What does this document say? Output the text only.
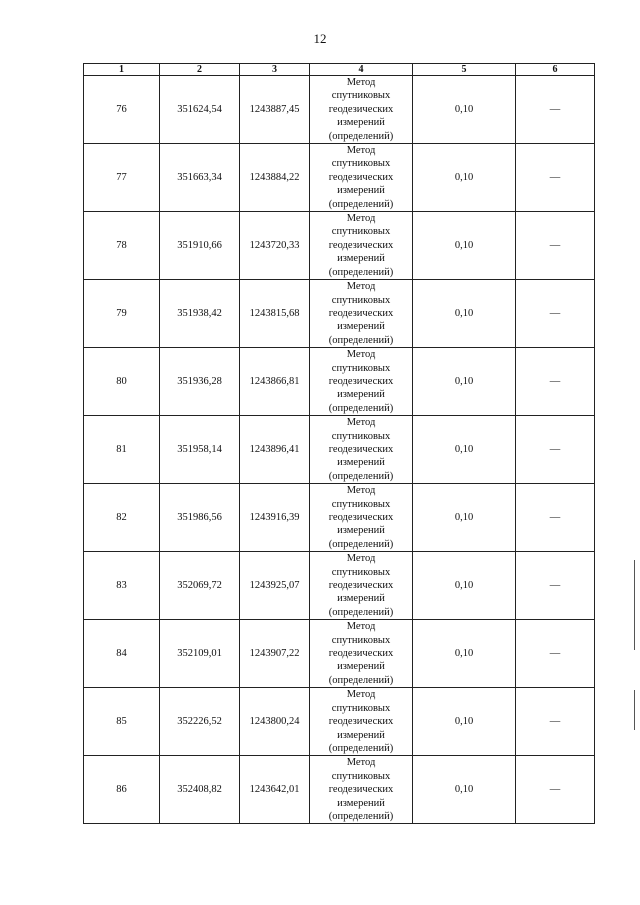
12
1	2	3	4	5	6
76	351624,54	1243887,45	Метод
спутниковых
геодезических
измерений
(определений)	0,10	—
77	351663,34	1243884,22	Метод
спутниковых
геодезических
измерений
(определений)	0,10	—
78	351910,66	1243720,33	Метод
спутниковых
геодезических
измерений
(определений)	0,10	—
79	351938,42	1243815,68	Метод
спутниковых
геодезических
измерений
(определений)	0,10	—
80	351936,28	1243866,81	Метод
спутниковых
геодезических
измерений
(определений)	0,10	—
81	351958,14	1243896,41	Метод
спутниковых
геодезических
измерений
(определений)	0,10	—
82	351986,56	1243916,39	Метод
спутниковых
геодезических
измерений
(определений)	0,10	—
83	352069,72	1243925,07	Метод
спутниковых
геодезических
измерений
(определений)	0,10	—
84	352109,01	1243907,22	Метод
спутниковых
геодезических
измерений
(определений)	0,10	—
85	352226,52	1243800,24	Метод
спутниковых
геодезических
измерений
(определений)	0,10	—
86	352408,82	1243642,01	Метод
спутниковых
геодезических
измерений
(определений)	0,10	—
